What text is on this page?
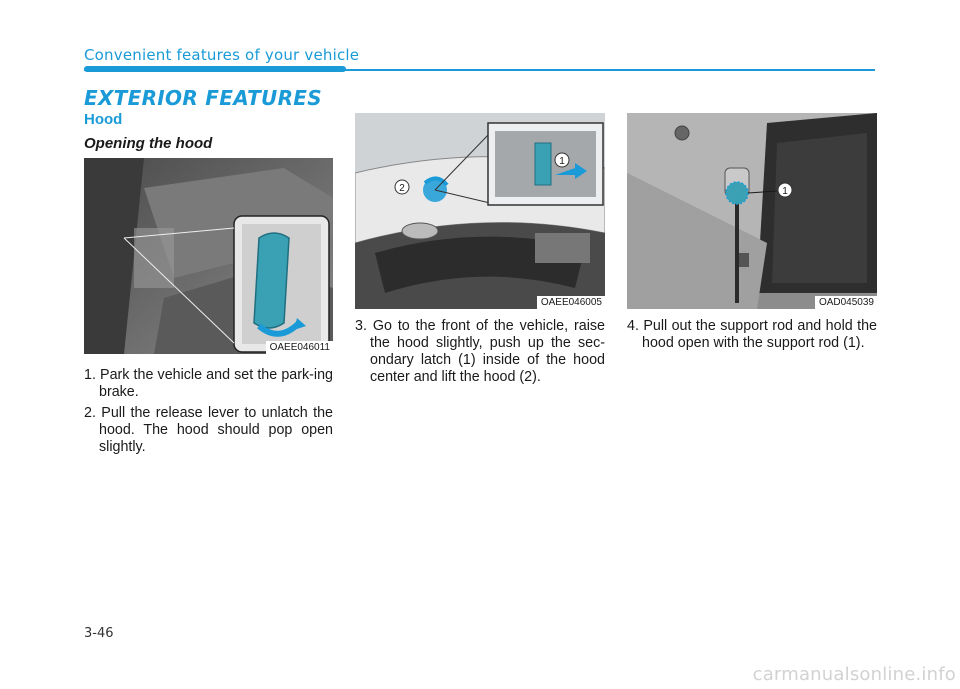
Convenient features of your vehicle
EXTERIOR FEATURES
Hood
Opening the hood
OAEE046011
2
1
OAEE046005
1
OAD045039
1. Park the vehicle and set the park-ing brake.
2. Pull the release lever to unlatch the hood. The hood should pop open slightly.
3. Go to the front of the vehicle, raise the hood slightly, push up the sec-ondary latch (1) inside of the hood center and lift the hood (2).
4. Pull out the support rod and hold the hood open with the support rod (1).
3-46
carmanualsonline.info
